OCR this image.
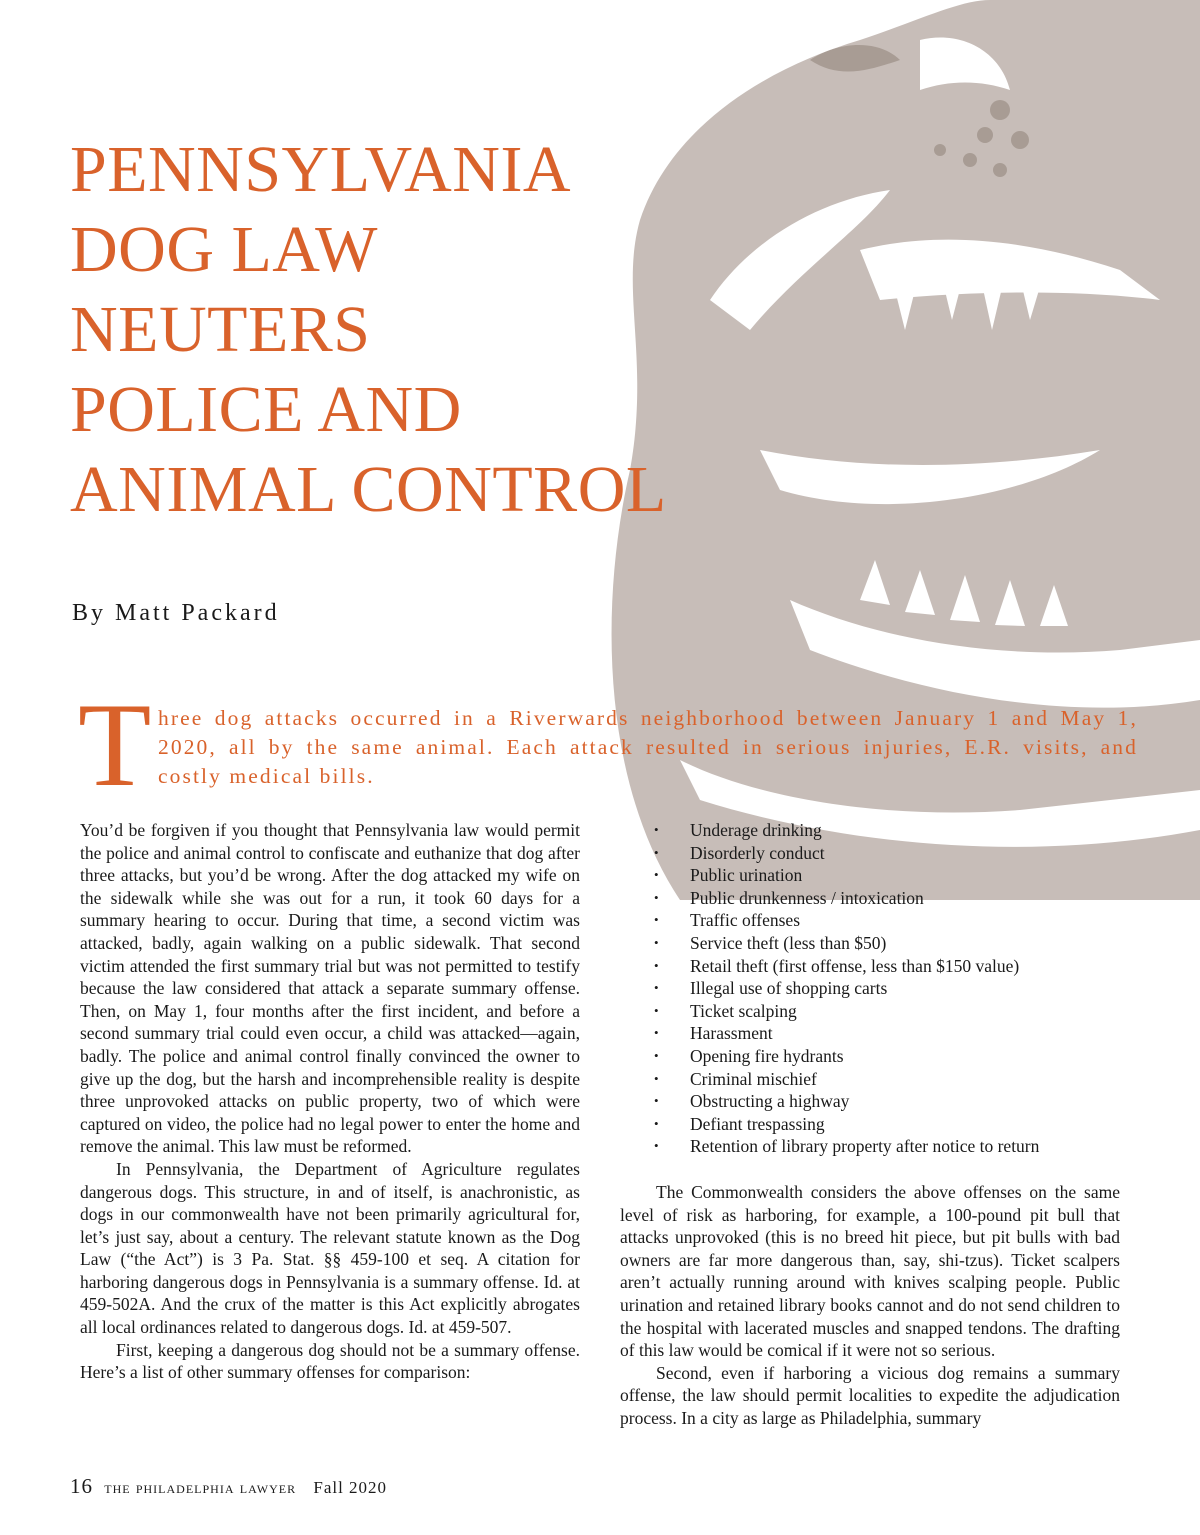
PENNSYLVANIA
DOG LAW
NEUTERS
POLICE AND
ANIMAL CONTROL
By Matt Packard
T hree dog attacks occurred in a Riverwards neighborhood between January 1 and May 1, 2020, all by the same animal. Each attack resulted in serious injuries, E.R. visits, and costly medical bills.

You’d be forgiven if you thought that Pennsylvania law would permit the police and animal control to confiscate and euthanize that dog after three attacks, but you’d be wrong. After the dog attacked my wife on the sidewalk while she was out for a run, it took 60 days for a summary hearing to occur. During that time, a second victim was attacked, badly, again walking on a public sidewalk. That second victim attended the first summary trial but was not permitted to testify because the law considered that attack a separate summary offense. Then, on May 1, four months after the first incident, and before a second summary trial could even occur, a child was attacked—again, badly. The police and animal control finally convinced the owner to give up the dog, but the harsh and incomprehensible reality is despite three unprovoked attacks on public property, two of which were captured on video, the police had no legal power to enter the home and remove the animal. This law must be reformed.

In Pennsylvania, the Department of Agriculture regulates dangerous dogs. This structure, in and of itself, is anachronistic, as dogs in our commonwealth have not been primarily agricultural for, let’s just say, about a century. The relevant statute known as the Dog Law (“the Act”) is 3 Pa. Stat. §§ 459-100 et seq. A citation for harboring dangerous dogs in Pennsylvania is a summary offense. Id. at 459-502A. And the crux of the matter is this Act explicitly abrogates all local ordinances related to dangerous dogs. Id. at 459-507.

First, keeping a dangerous dog should not be a summary offense. Here’s a list of other summary offenses for comparison:

• Underage drinking
• Disorderly conduct
• Public urination
• Public drunkenness / intoxication
• Traffic offenses
• Service theft (less than $50)
• Retail theft (first offense, less than $150 value)
• Illegal use of shopping carts
• Ticket scalping
• Harassment
• Opening fire hydrants
• Criminal mischief
• Obstructing a highway
• Defiant trespassing
• Retention of library property after notice to return

The Commonwealth considers the above offenses on the same level of risk as harboring, for example, a 100-pound pit bull that attacks unprovoked (this is no breed hit piece, but pit bulls with bad owners are far more dangerous than, say, shi-tzus). Ticket scalpers aren’t actually running around with knives scalping people. Public urination and retained library books cannot and do not send children to the hospital with lacerated muscles and snapped tendons. The drafting of this law would be comical if it were not so serious.

Second, even if harboring a vicious dog remains a summary offense, the law should permit localities to expedite the adjudication process. In a city as large as Philadelphia, summary

16 the philadelphia lawyer Fall 2020
